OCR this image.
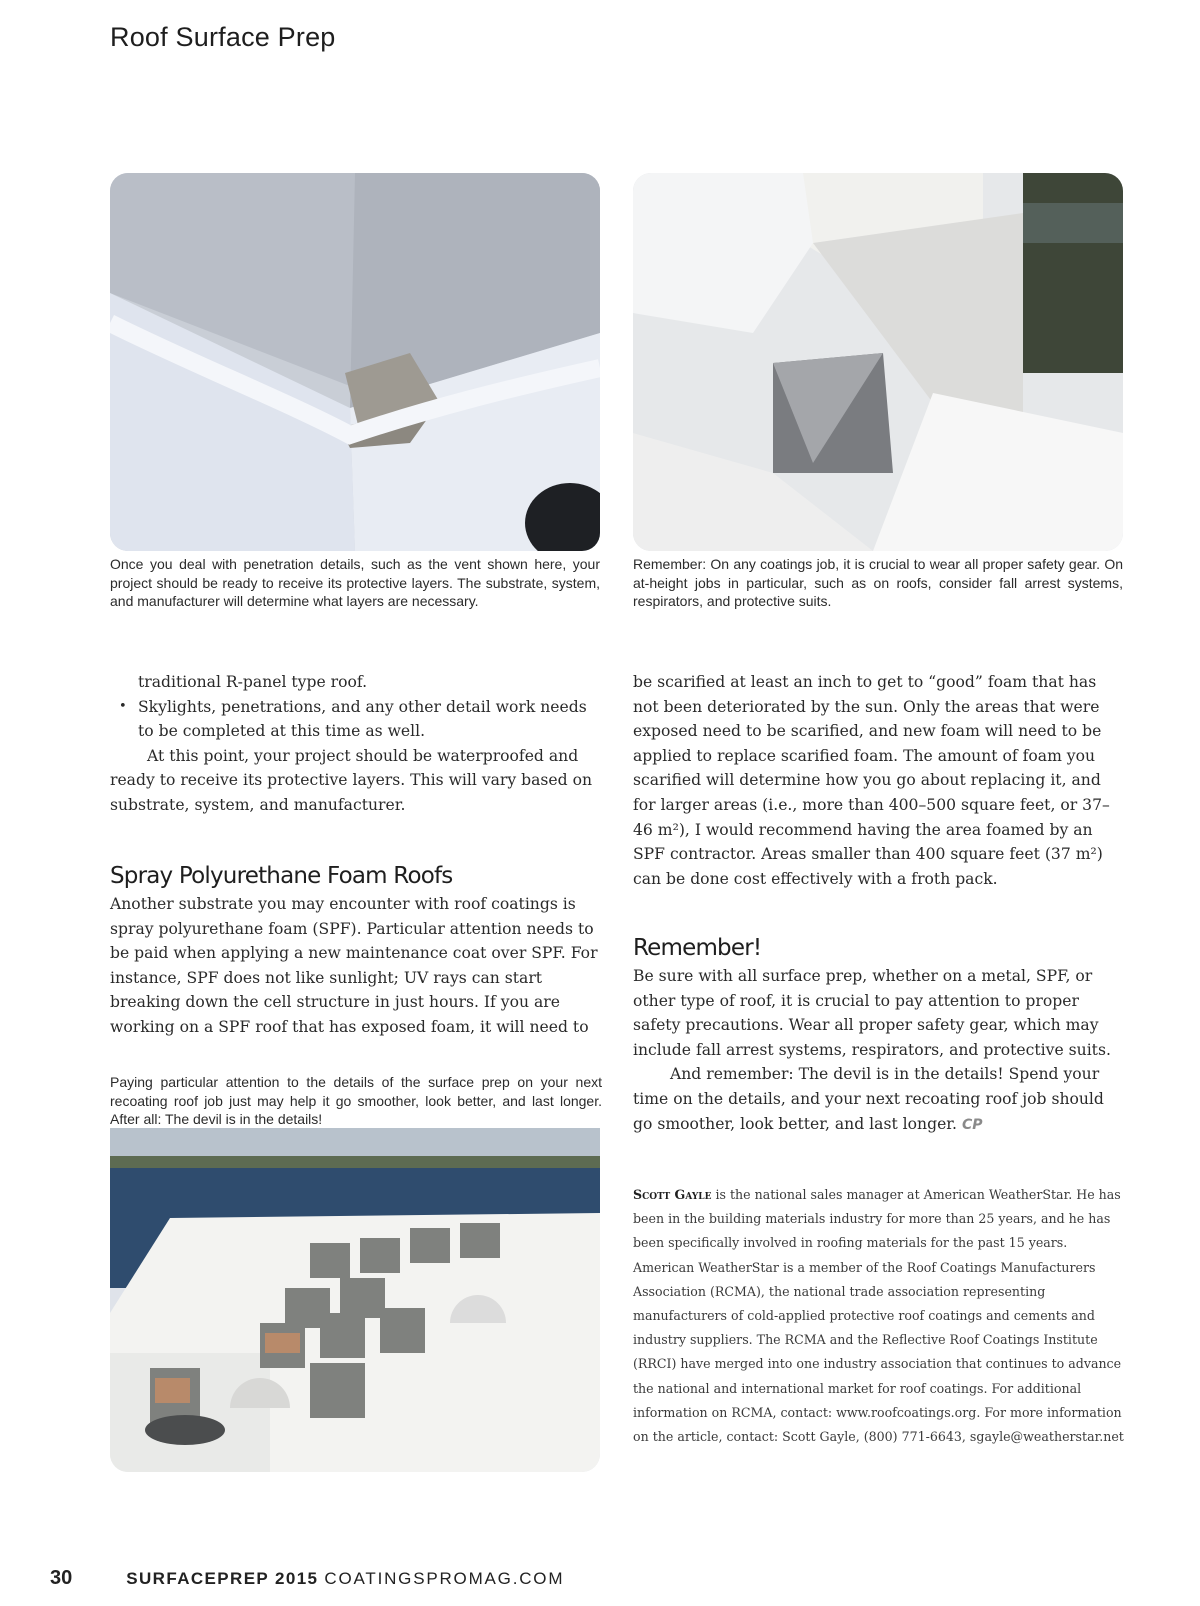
Roof Surface Prep

Once you deal with penetration details, such as the vent shown here, your project should be ready to receive its protective layers. The substrate, system, and manufacturer will determine what layers are necessary.

Remember: On any coatings job, it is crucial to wear all proper safety gear. On at-height jobs in particular, such as on roofs, consider fall arrest systems, respirators, and protective suits.

traditional R-panel type roof.

• Skylights, penetrations, and any other detail work needs to be completed at this time as well.

At this point, your project should be waterproofed and ready to receive its protective layers. This will vary based on substrate, system, and manufacturer.

Spray Polyurethane Foam Roofs

Another substrate you may encounter with roof coatings is spray polyurethane foam (SPF). Particular attention needs to be paid when applying a new maintenance coat over SPF. For instance, SPF does not like sunlight; UV rays can start breaking down the cell structure in just hours. If you are working on a SPF roof that has exposed foam, it will need to

Paying particular attention to the details of the surface prep on your next recoating roof job just may help it go smoother, look better, and last longer. After all: The devil is in the details!

be scarified at least an inch to get to “good” foam that has not been deteriorated by the sun. Only the areas that were exposed need to be scarified, and new foam will need to be applied to replace scarified foam. The amount of foam you scarified will determine how you go about replacing it, and for larger areas (i.e., more than 400–500 square feet, or 37–46 m²), I would recommend having the area foamed by an SPF contractor. Areas smaller than 400 square feet (37 m²) can be done cost effectively with a froth pack.

Remember!

Be sure with all surface prep, whether on a metal, SPF, or other type of roof, it is crucial to pay attention to proper safety precautions. Wear all proper safety gear, which may include fall arrest systems, respirators, and protective suits.

And remember: The devil is in the details! Spend your time on the details, and your next recoating roof job should go smoother, look better, and last longer. CP

Scott Gayle is the national sales manager at American WeatherStar. He has been in the building materials industry for more than 25 years, and he has been specifically involved in roofing materials for the past 15 years. American WeatherStar is a member of the Roof Coatings Manufacturers Association (RCMA), the national trade association representing manufacturers of cold-applied protective roof coatings and cements and industry suppliers. The RCMA and the Reflective Roof Coatings Institute (RRCI) have merged into one industry association that continues to advance the national and international market for roof coatings. For additional information on RCMA, contact: www.roofcoatings.org. For more information on the article, contact: Scott Gayle, (800) 771-6643, sgayle@weatherstar.net

30	SURFACEPREP 2015 COATINGSPROMAG.COM
